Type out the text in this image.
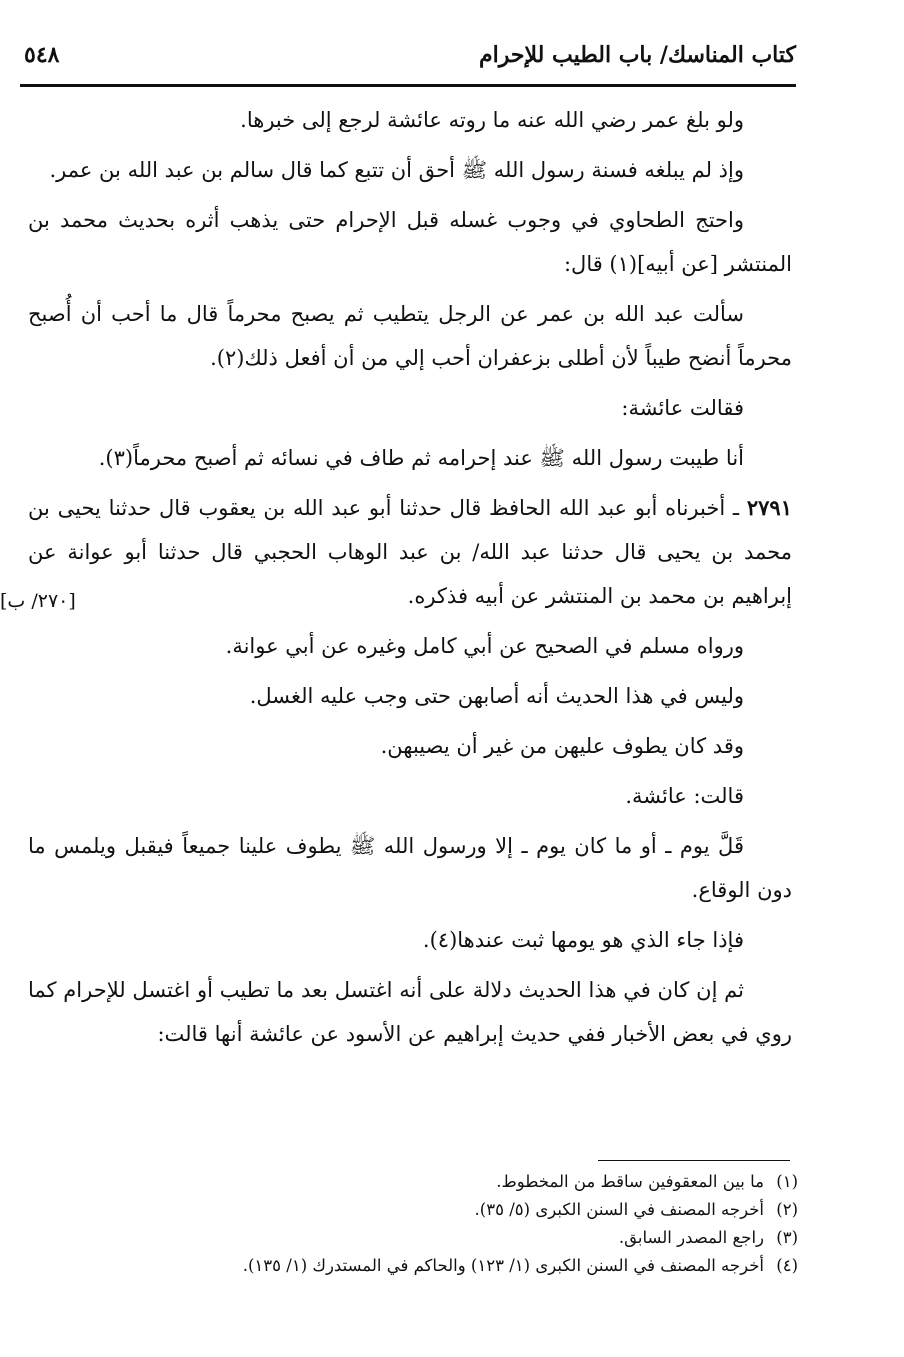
كتاب المناسك/ باب الطيب للإحرام
٥٤٨
[٢٧٠/ ب]

ولو بلغ عمر رضي الله عنه ما روته عائشة لرجع إلى خبرها.

وإذ لم يبلغه فسنة رسول الله ﷺ أحق أن تتبع كما قال سالم بن عبد الله بن عمر.

واحتج الطحاوي في وجوب غسله قبل الإحرام حتى يذهب أثره بحديث محمد بن المنتشر [عن أبيه](١) قال:

سألت عبد الله بن عمر عن الرجل يتطيب ثم يصبح محرماً قال ما أحب أن أُصبح محرماً أنضح طيباً لأن أطلى بزعفران أحب إلي من أن أفعل ذلك(٢).

فقالت عائشة:

أنا طيبت رسول الله ﷺ عند إحرامه ثم طاف في نسائه ثم أصبح محرماً(٣).

٢٧٩١ ـ أخبرناه أبو عبد الله الحافظ قال حدثنا أبو عبد الله بن يعقوب قال حدثنا يحيى بن محمد بن يحيى قال حدثنا عبد الله/ بن عبد الوهاب الحجبي قال حدثنا أبو عوانة عن إبراهيم بن محمد بن المنتشر عن أبيه فذكره.

ورواه مسلم في الصحيح عن أبي كامل وغيره عن أبي عوانة.

وليس في هذا الحديث أنه أصابهن حتى وجب عليه الغسل.

وقد كان يطوف عليهن من غير أن يصيبهن.

قالت: عائشة.

قَلَّ يوم ـ أو ما كان يوم ـ إلا ورسول الله ﷺ يطوف علينا جميعاً فيقبل ويلمس ما دون الوقاع.

فإذا جاء الذي هو يومها ثبت عندها(٤).

ثم إن كان في هذا الحديث دلالة على أنه اغتسل بعد ما تطيب أو اغتسل للإحرام كما روي في بعض الأخبار ففي حديث إبراهيم عن الأسود عن عائشة أنها قالت:

(١)ما بين المعقوفين ساقط من المخطوط.
(٢)أخرجه المصنف في السنن الكبرى (٥/ ٣٥).
(٣)راجع المصدر السابق.
(٤)أخرجه المصنف في السنن الكبرى (١/ ١٢٣) والحاكم في المستدرك (١/ ١٣٥).
